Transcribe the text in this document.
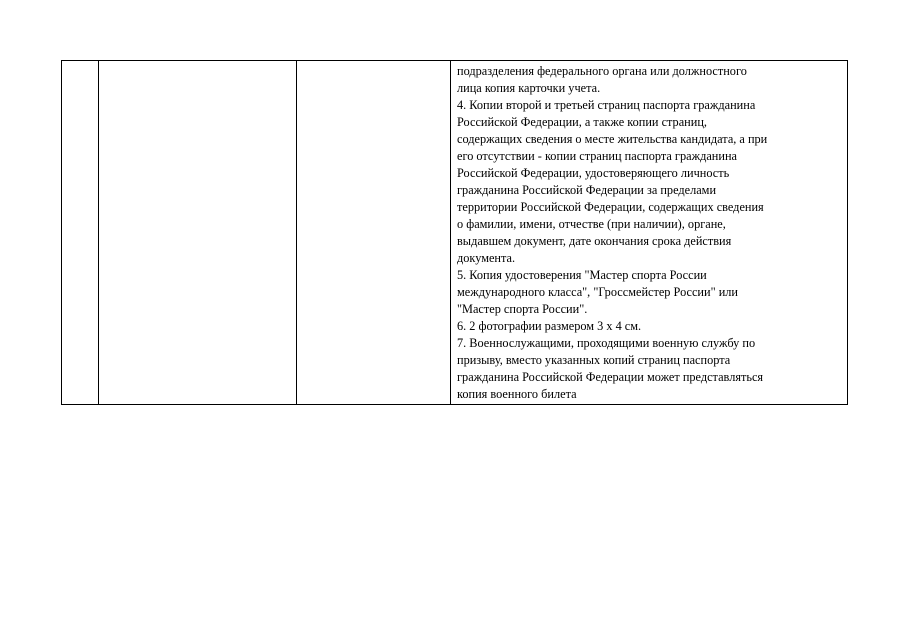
подразделения федерального органа или должностного
лица копия карточки учета.
4. Копии второй и третьей страниц паспорта гражданина
Российской Федерации, а также копии страниц,
содержащих сведения о месте жительства кандидата, а при
его отсутствии - копии страниц паспорта гражданина
Российской Федерации, удостоверяющего личность
гражданина Российской Федерации за пределами
территории Российской Федерации, содержащих сведения
о фамилии, имени, отчестве (при наличии), органе,
выдавшем документ, дате окончания срока действия
документа.
5. Копия удостоверения "Мастер спорта России
международного класса", "Гроссмейстер России" или
"Мастер спорта России".
6. 2 фотографии размером 3 х 4 см.
7. Военнослужащими, проходящими военную службу по
призыву, вместо указанных копий страниц паспорта
гражданина Российской Федерации может представляться
копия военного билета
